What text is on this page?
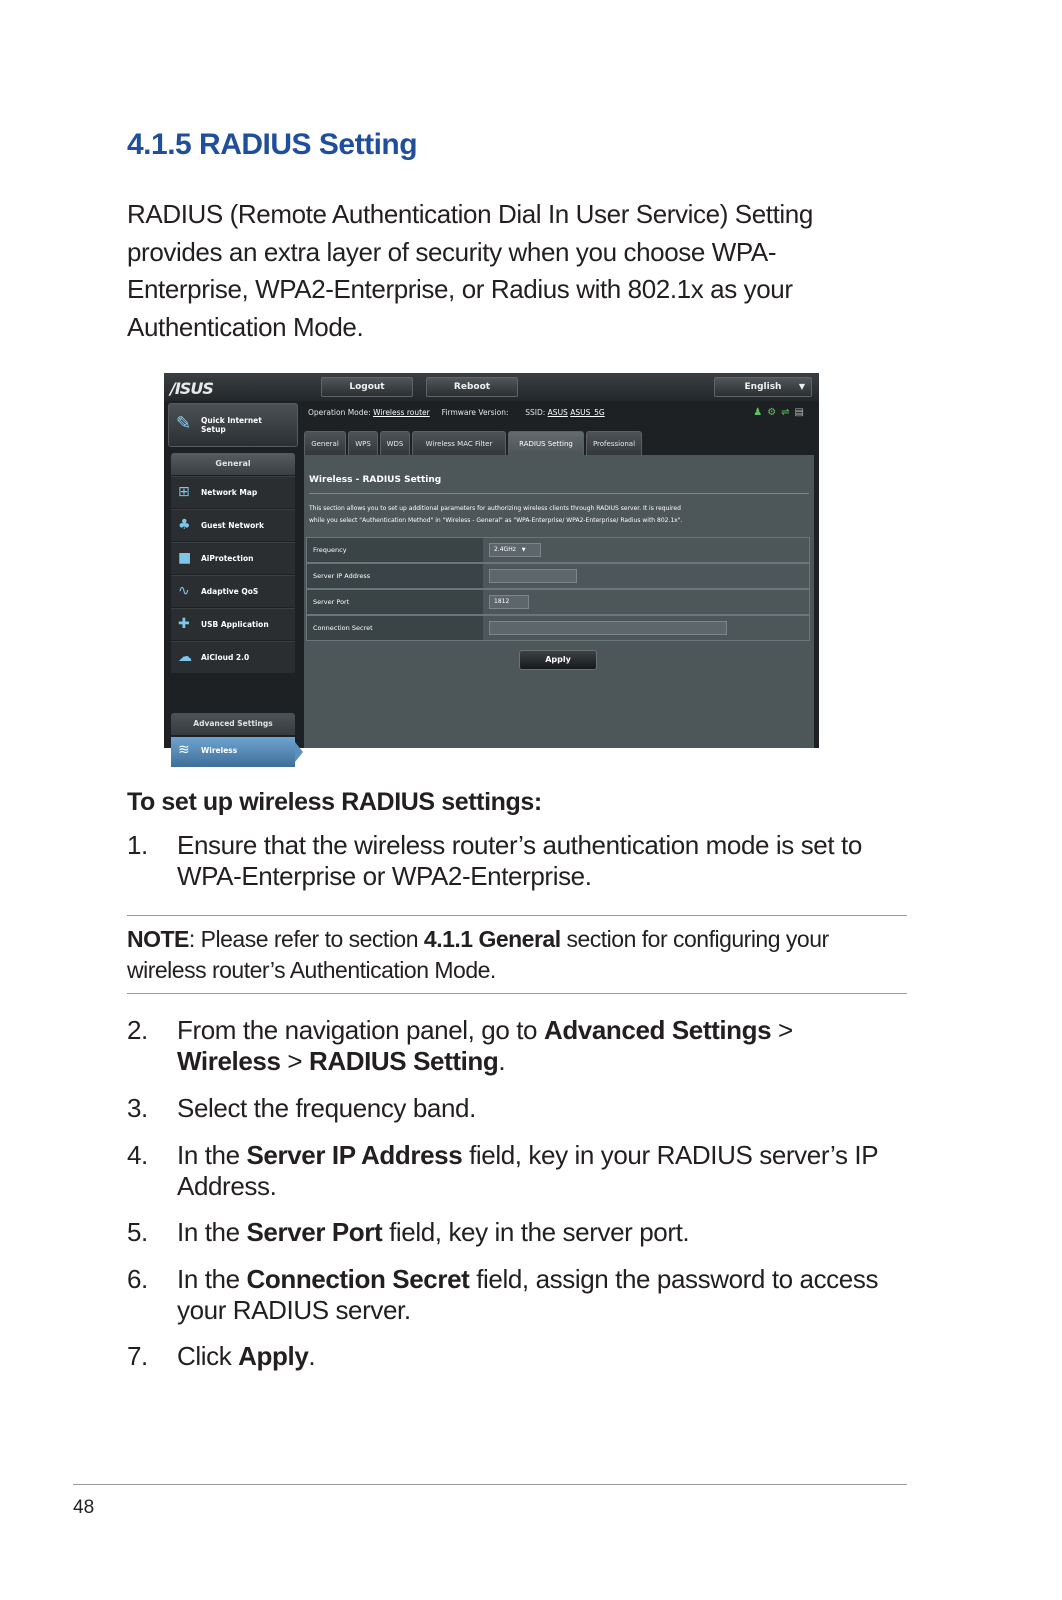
4.1.5 RADIUS Setting
RADIUS (Remote Authentication Dial In User Service) Setting
provides an extra layer of security when you choose WPA-
Enterprise, WPA2-Enterprise, or Radius with 802.1x as your
Authentication Mode.
/ISUS	Logout	Reboot	English ▼
Operation Mode: Wireless router Firmware Version: SSID: ASUS ASUS_5G	♟⚙⇌▤
✎ Quick Internet Setup
General
⊞ Network Map
♣ Guest Network
■ AiProtection
∿ Adaptive QoS
✚ USB Application
☁ AiCloud 2.0
Advanced Settings
≋ Wireless
General	WPS	WDS	Wireless MAC Filter	RADIUS Setting	Professional
Wireless - RADIUS Setting
This section allows you to set up additional parameters for authorizing wireless clients through RADIUS server. It is required
while you select "Authentication Method" in "Wireless - General" as "WPA-Enterprise/ WPA2-Enterprise/ Radius with 802.1x".
Frequency	2.4GHz ▼
Server IP Address
Server Port	1812
Connection Secret
Apply
To set up wireless RADIUS settings:
1.	Ensure that the wireless router’s authentication mode is set to
WPA-Enterprise or WPA2-Enterprise.
NOTE: Please refer to section 4.1.1 General section for configuring your
wireless router’s Authentication Mode.
2.	From the navigation panel, go to Advanced Settings >
Wireless > RADIUS Setting.
3.	Select the frequency band.
4.	In the Server IP Address field, key in your RADIUS server’s IP
Address.
5.	In the Server Port field, key in the server port.
6.	In the Connection Secret field, assign the password to access
your RADIUS server.
7.	Click Apply.
48
